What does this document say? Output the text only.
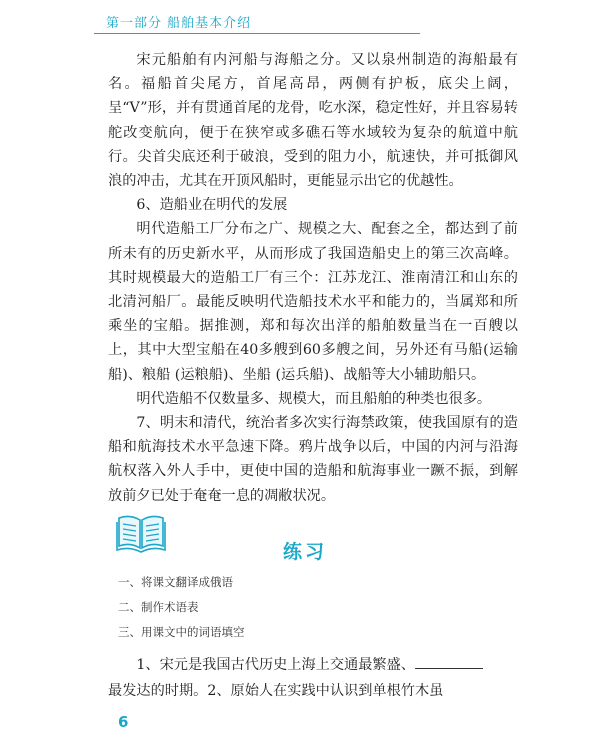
第一部分 船舶基本介绍

宋元船舶有内河船与海船之分。又以泉州制造的海船最有名。福船首尖尾方，首尾高昂，两侧有护板，底尖上阔，呈“V”形，并有贯通首尾的龙骨，吃水深，稳定性好，并且容易转舵改变航向，便于在狭窄或多礁石等水域较为复杂的航道中航行。尖首尖底还利于破浪，受到的阻力小，航速快，并可抵御风浪的冲击，尤其在开顶风船时，更能显示出它的优越性。

6、造船业在明代的发展

明代造船工厂分布之广、规模之大、配套之全，都达到了前所未有的历史新水平，从而形成了我国造船史上的第三次高峰。其时规模最大的造船工厂有三个：江苏龙江、淮南清江和山东的北清河船厂。最能反映明代造船技术水平和能力的，当属郑和所乘坐的宝船。据推测，郑和每次出洋的船舶数量当在一百艘以上，其中大型宝船在40多艘到60多艘之间，另外还有马船(运输船)、粮船 (运粮船)、坐船 (运兵船)、战船等大小辅助船只。

明代造船不仅数量多、规模大，而且船舶的种类也很多。

7、明末和清代，统治者多次实行海禁政策，使我国原有的造船和航海技术水平急速下降。鸦片战争以后，中国的内河与沿海航权落入外人手中，更使中国的造船和航海事业一蹶不振，到解放前夕已处于奄奄一息的凋敝状况。

练习
一、将课文翻译成俄语
二、制作术语表
三、用课文中的词语填空

1、宋元是我国古代历史上海上交通最繁盛、

最发达的时期。2、原始人在实践中认识到单根竹木虽

6
